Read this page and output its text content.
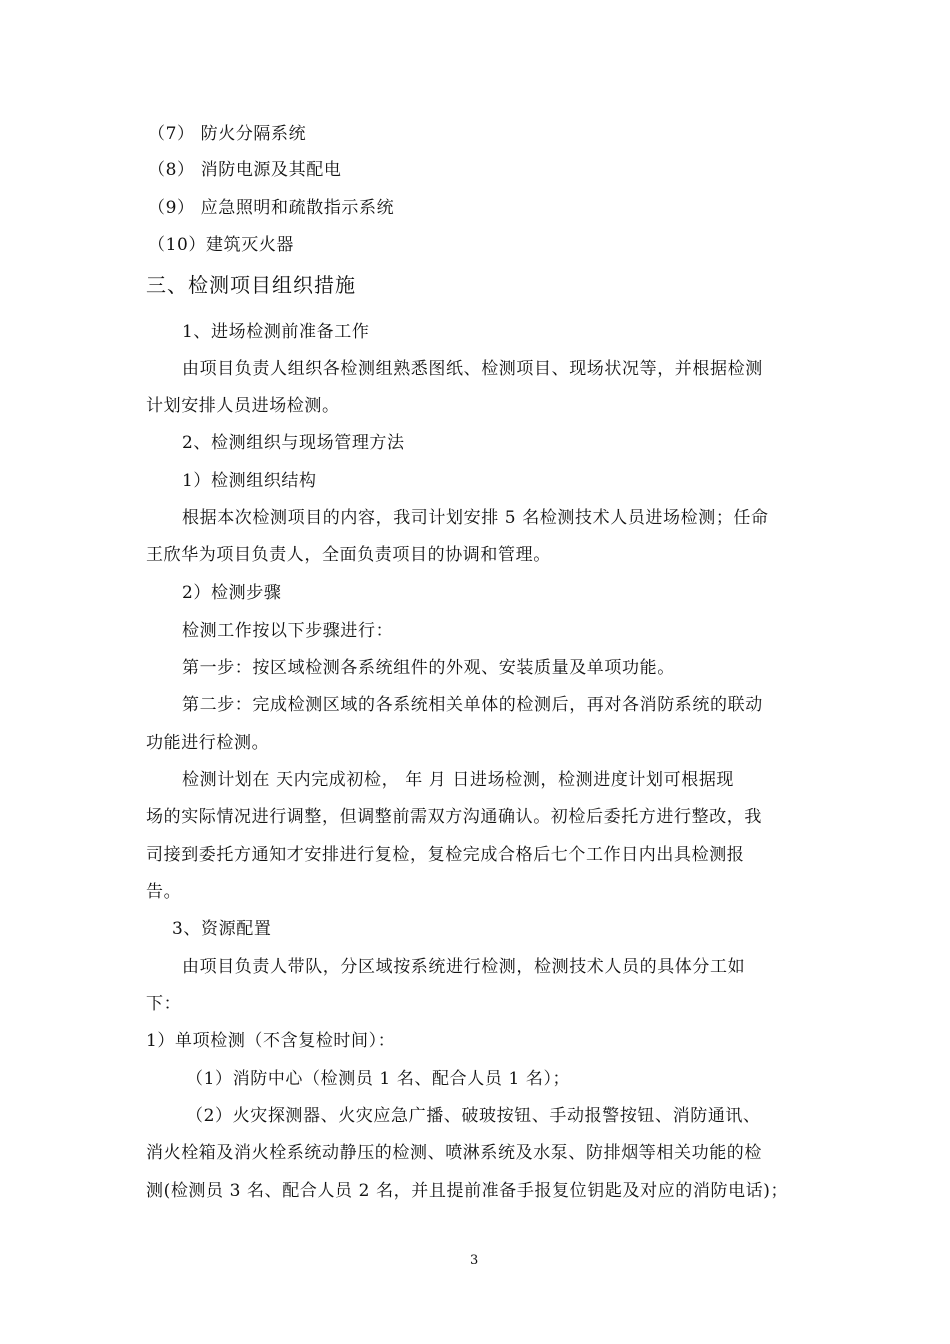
（7） 防火分隔系统
（8） 消防电源及其配电
（9） 应急照明和疏散指示系统
（10）建筑灭火器
三、检测项目组织措施
1、进场检测前准备工作
由项目负责人组织各检测组熟悉图纸、检测项目、现场状况等，并根据检测
计划安排人员进场检测。
2、检测组织与现场管理方法
1）检测组织结构
根据本次检测项目的内容，我司计划安排 5 名检测技术人员进场检测；任命
王欣华为项目负责人，全面负责项目的协调和管理。
2）检测步骤
检测工作按以下步骤进行：
第一步：按区域检测各系统组件的外观、安装质量及单项功能。
第二步：完成检测区域的各系统相关单体的检测后，再对各消防系统的联动
功能进行检测。
检测计划在 天内完成初检， 年 月 日进场检测，检测进度计划可根据现
场的实际情况进行调整，但调整前需双方沟通确认。初检后委托方进行整改，我
司接到委托方通知才安排进行复检，复检完成合格后七个工作日内出具检测报
告。
3、资源配置
由项目负责人带队，分区域按系统进行检测，检测技术人员的具体分工如
下：
1）单项检测（不含复检时间）：
（1）消防中心（检测员 1 名、配合人员 1 名）；
（2）火灾探测器、火灾应急广播、破玻按钮、手动报警按钮、消防通讯、
消火栓箱及消火栓系统动静压的检测、喷淋系统及水泵、防排烟等相关功能的检
测(检测员 3 名、配合人员 2 名，并且提前准备手报复位钥匙及对应的消防电话)；
3
